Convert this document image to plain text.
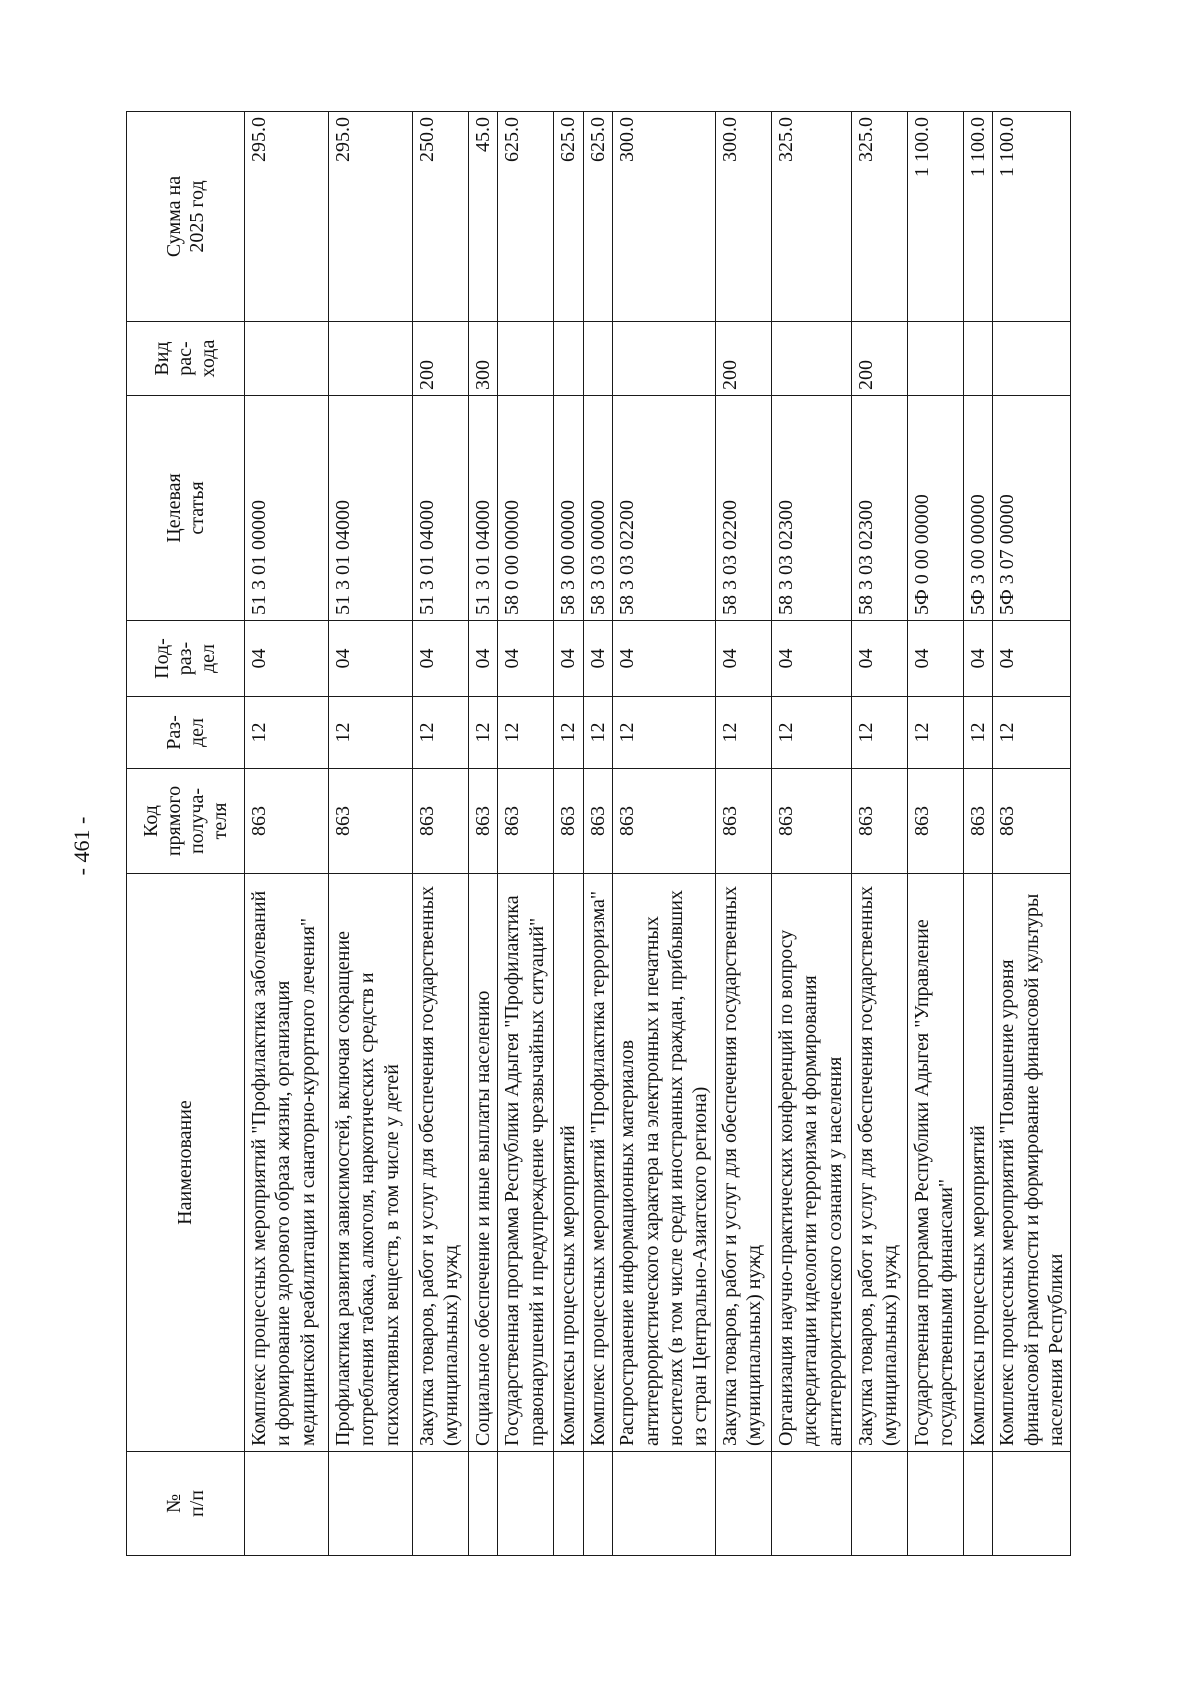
- 461 -
№
п/п	Наименование	Код
прямого
получа-
теля	Раз-
дел	Под-
раз-
дел	Целевая
статья	Вид
рас-
хода	Сумма на
2025 год
	Комплекс процессных мероприятий "Профилактика заболеваний и формирование здорового образа жизни, организация медицинской реабилитации и санаторно-курортного лечения"	863	12	04	51 3 01 00000		295.0
	Профилактика развития зависимостей, включая сокращение потребления табака, алкоголя, наркотических средств и психоактивных веществ, в том числе у детей	863	12	04	51 3 01 04000		295.0
	Закупка товаров, работ и услуг для обеспечения государственных (муниципальных) нужд	863	12	04	51 3 01 04000	200	250.0
	Социальное обеспечение и иные выплаты населению	863	12	04	51 3 01 04000	300	45.0
	Государственная программа Республики Адыгея "Профилактика правонарушений и предупреждение чрезвычайных ситуаций"	863	12	04	58 0 00 00000		625.0
	Комплексы процессных мероприятий	863	12	04	58 3 00 00000		625.0
	Комплекс процессных мероприятий "Профилактика терроризма"	863	12	04	58 3 03 00000		625.0
	Распространение информационных материалов антитеррористического характера на электронных и печатных носителях (в том числе среди иностранных граждан, прибывших из стран Центрально-Азиатского региона)	863	12	04	58 3 03 02200		300.0
	Закупка товаров, работ и услуг для обеспечения государственных (муниципальных) нужд	863	12	04	58 3 03 02200	200	300.0
	Организация научно-практических конференций по вопросу дискредитации идеологии терроризма и формирования антитеррористического сознания у населения	863	12	04	58 3 03 02300		325.0
	Закупка товаров, работ и услуг для обеспечения государственных (муниципальных) нужд	863	12	04	58 3 03 02300	200	325.0
	Государственная программа Республики Адыгея "Управление государственными финансами"	863	12	04	5Ф 0 00 00000		1 100.0
	Комплексы процессных мероприятий	863	12	04	5Ф 3 00 00000		1 100.0
	Комплекс процессных мероприятий "Повышение уровня финансовой грамотности и формирование финансовой культуры населения Республики	863	12	04	5Ф 3 07 00000		1 100.0
